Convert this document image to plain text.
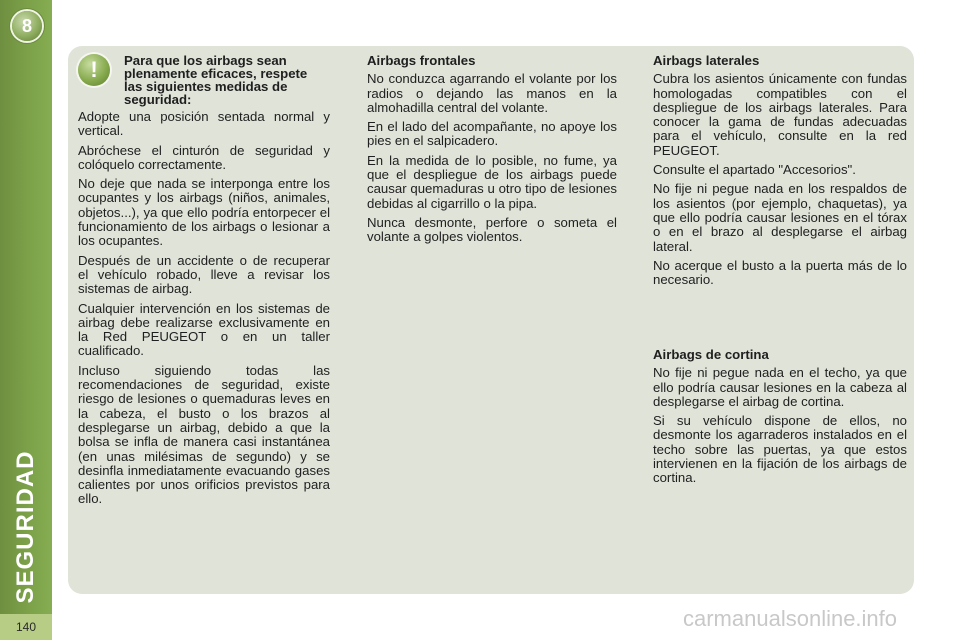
8
SEGURIDAD
140
!	Para que los airbags sean plenamente eficaces, respete las siguientes medidas de seguridad:

Adopte una posición sentada normal y vertical.

Abróchese el cinturón de seguridad y colóquelo correctamente.

No deje que nada se interponga entre los ocupantes y los airbags (niños, animales, objetos...), ya que ello podría entorpecer el funcionamiento de los airbags o lesionar a los ocupantes.

Después de un accidente o de recuperar el vehículo robado, lleve a revisar los sistemas de airbag.

Cualquier intervención en los sistemas de airbag debe realizarse exclusivamente en la Red PEUGEOT o en un taller cualificado.

Incluso siguiendo todas las recomendaciones de seguridad, existe riesgo de lesiones o quemaduras leves en la cabeza, el busto o los brazos al desplegarse un airbag, debido a que la bolsa se infla de manera casi instantánea (en unas milésimas de segundo) y se desinfla inmediatamente evacuando gases calientes por unos orificios previstos para ello.

Airbags frontales

No conduzca agarrando el volante por los radios o dejando las manos en la almohadilla central del volante.

En el lado del acompañante, no apoye los pies en el salpicadero.

En la medida de lo posible, no fume, ya que el despliegue de los airbags puede causar quemaduras u otro tipo de lesiones debidas al cigarrillo o la pipa.

Nunca desmonte, perfore o someta el volante a golpes violentos.

Airbags laterales

Cubra los asientos únicamente con fundas homologadas compatibles con el despliegue de los airbags laterales. Para conocer la gama de fundas adecuadas para el vehículo, consulte en la red PEUGEOT.

Consulte el apartado "Accesorios".

No fije ni pegue nada en los respaldos de los asientos (por ejemplo, chaquetas), ya que ello podría causar lesiones en el tórax o en el brazo al desplegarse el airbag lateral.

No acerque el busto a la puerta más de lo necesario.

Airbags de cortina

No fije ni pegue nada en el techo, ya que ello podría causar lesiones en la cabeza al desplegarse el airbag de cortina.

Si su vehículo dispone de ellos, no desmonte los agarraderos instalados en el techo sobre las puertas, ya que estos intervienen en la fijación de los airbags de cortina.

carmanualsonline.info
